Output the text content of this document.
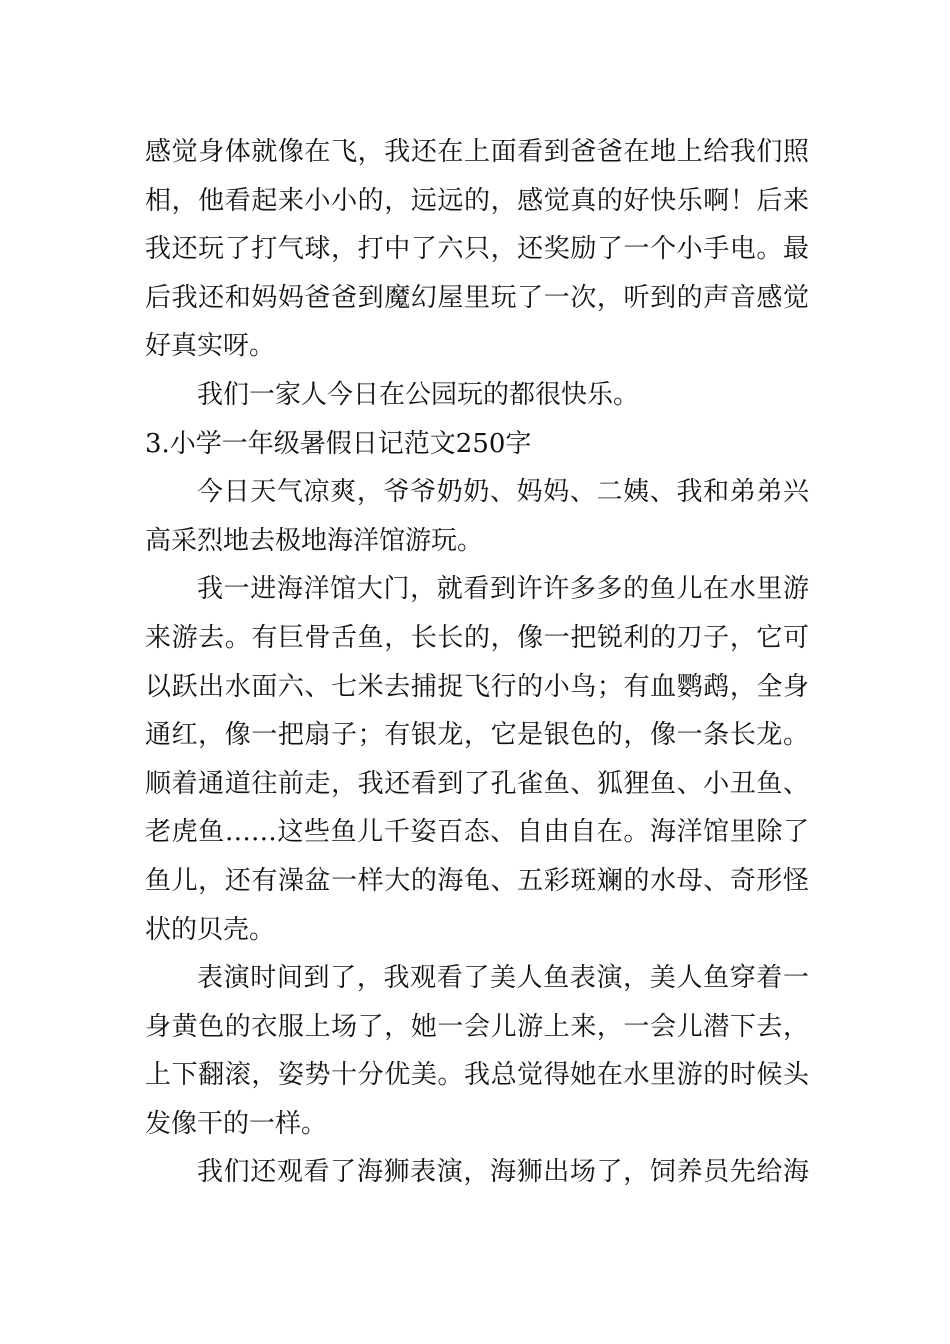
感觉身体就像在飞，我还在上面看到爸爸在地上给我们照
相，他看起来小小的，远远的，感觉真的好快乐啊！后来
我还玩了打气球，打中了六只，还奖励了一个小手电。最
后我还和妈妈爸爸到魔幻屋里玩了一次，听到的声音感觉
好真实呀。
我们一家人今日在公园玩的都很快乐。
3.小学一年级暑假日记范文250字
今日天气凉爽，爷爷奶奶、妈妈、二姨、我和弟弟兴
高采烈地去极地海洋馆游玩。
我一进海洋馆大门，就看到许许多多的鱼儿在水里游
来游去。有巨骨舌鱼，长长的，像一把锐利的刀子，它可
以跃出水面六、七米去捕捉飞行的小鸟；有血鹦鹉，全身
通红，像一把扇子；有银龙，它是银色的，像一条长龙。
顺着通道往前走，我还看到了孔雀鱼、狐狸鱼、小丑鱼、
老虎鱼……这些鱼儿千姿百态、自由自在。海洋馆里除了
鱼儿，还有澡盆一样大的海龟、五彩斑斓的水母、奇形怪
状的贝壳。
表演时间到了，我观看了美人鱼表演，美人鱼穿着一
身黄色的衣服上场了，她一会儿游上来，一会儿潜下去，
上下翻滚，姿势十分优美。我总觉得她在水里游的时候头
发像干的一样。
我们还观看了海狮表演，海狮出场了，饲养员先给海
